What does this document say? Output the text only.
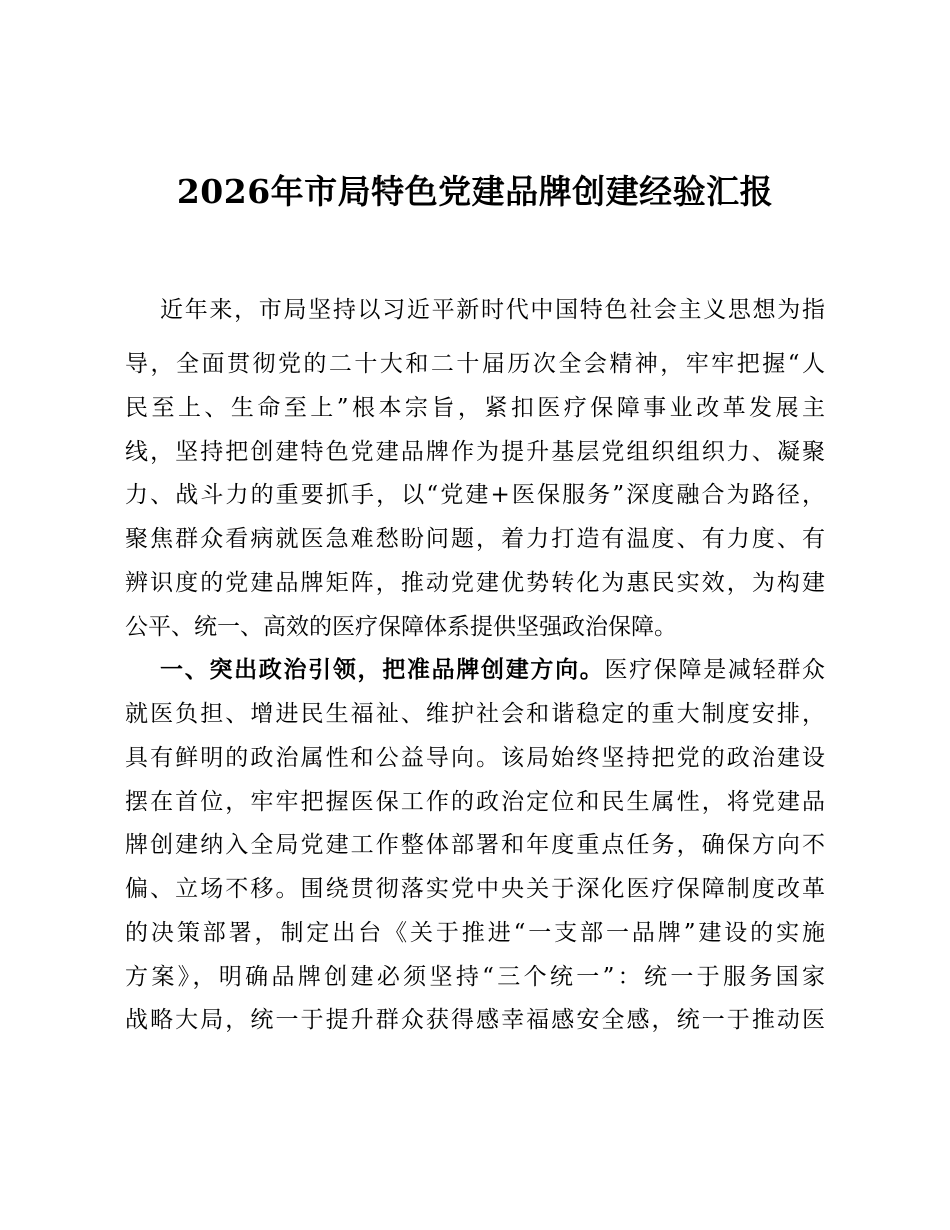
2026年市局特色党建品牌创建经验汇报
近年来，市局坚持以习近平新时代中国特色社会主义思想为指
导，全面贯彻党的二十大和二十届历次全会精神，牢牢把握“人
民至上、生命至上”根本宗旨，紧扣医疗保障事业改革发展主
线，坚持把创建特色党建品牌作为提升基层党组织组织力、凝聚
力、战斗力的重要抓手，以“党建+医保服务”深度融合为路径，
聚焦群众看病就医急难愁盼问题，着力打造有温度、有力度、有
辨识度的党建品牌矩阵，推动党建优势转化为惠民实效，为构建
公平、统一、高效的医疗保障体系提供坚强政治保障。
一、突出政治引领，把准品牌创建方向。医疗保障是减轻群众
就医负担、增进民生福祉、维护社会和谐稳定的重大制度安排，
具有鲜明的政治属性和公益导向。该局始终坚持把党的政治建设
摆在首位，牢牢把握医保工作的政治定位和民生属性，将党建品
牌创建纳入全局党建工作整体部署和年度重点任务，确保方向不
偏、立场不移。围绕贯彻落实党中央关于深化医疗保障制度改革
的决策部署，制定出台《关于推进“一支部一品牌”建设的实施
方案》，明确品牌创建必须坚持“三个统一”：统一于服务国家
战略大局，统一于提升群众获得感幸福感安全感，统一于推动医
